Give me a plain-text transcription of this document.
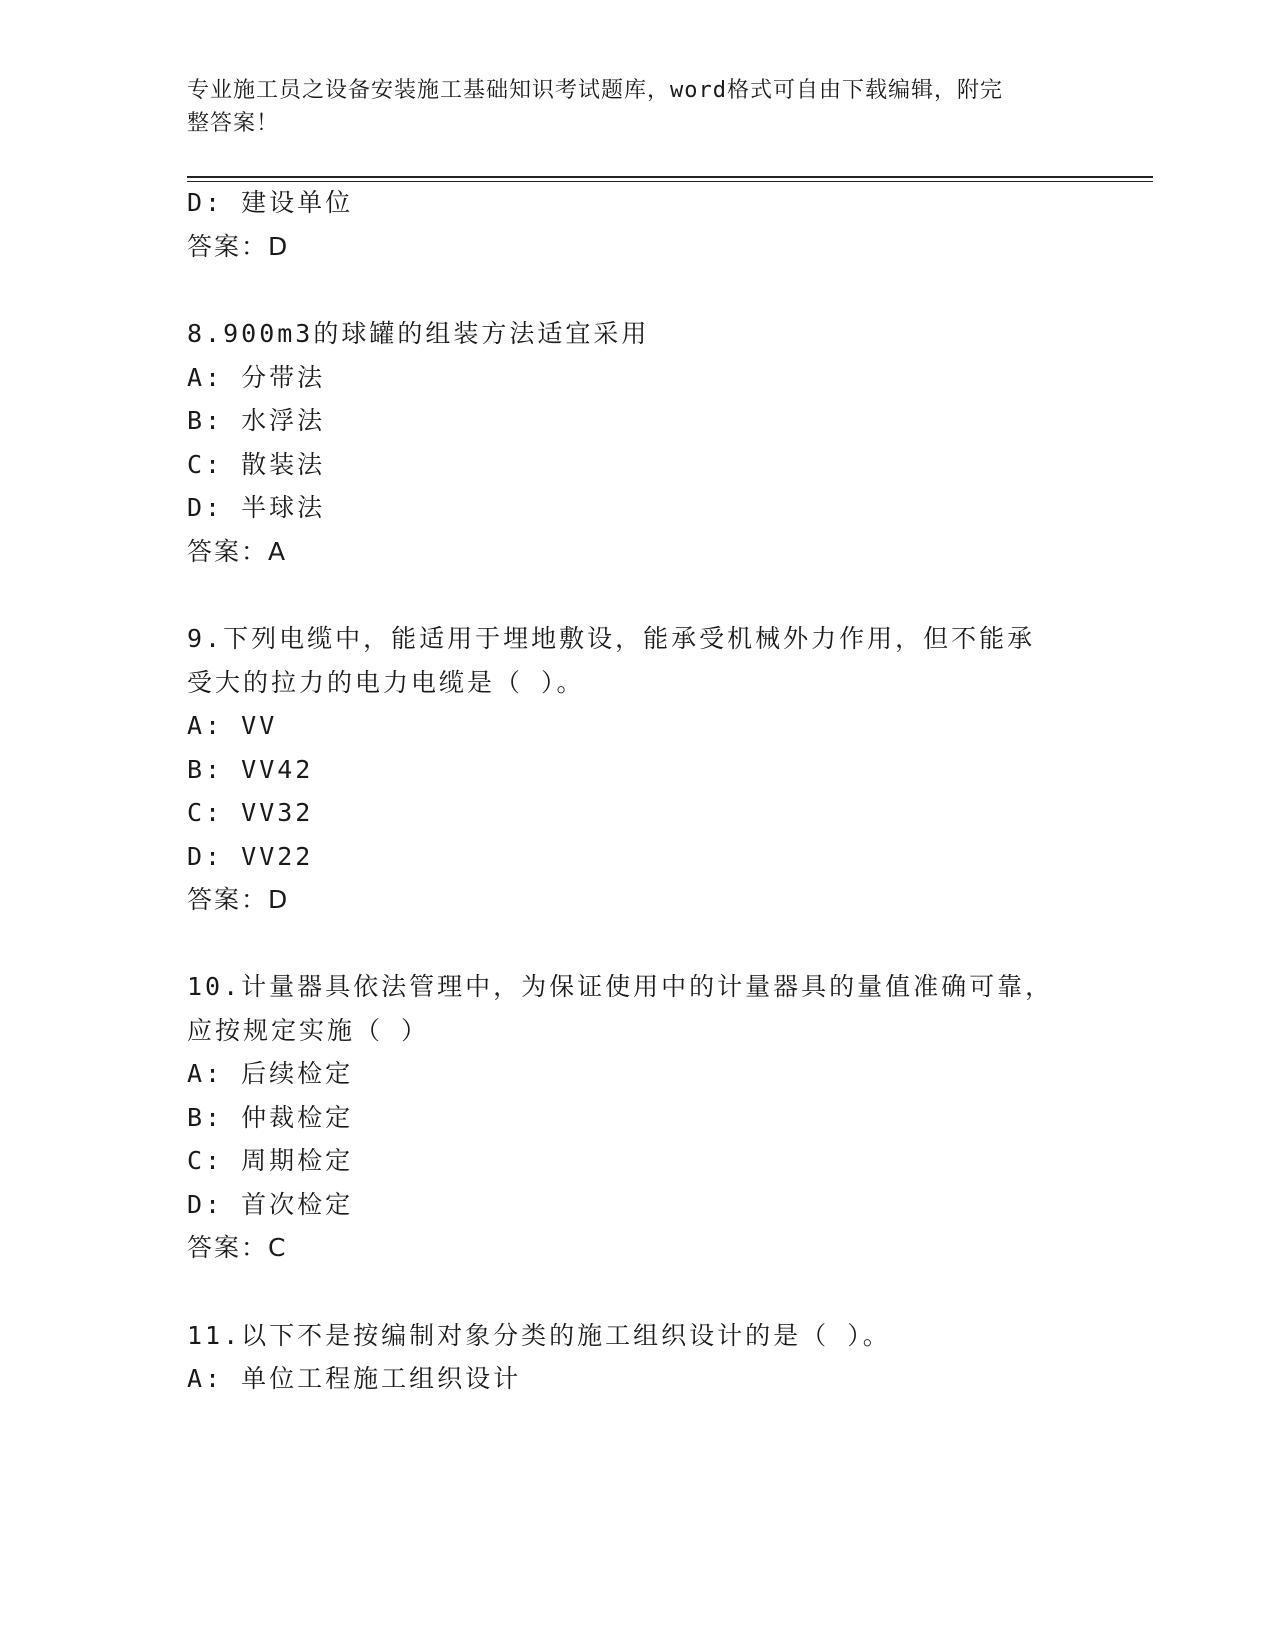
专业施工员之设备安装施工基础知识考试题库，word格式可自由下载编辑，附完
整答案！
D: 建设单位
答案：D
8.900m3的球罐的组装方法适宜采用
A: 分带法
B: 水浮法
C: 散装法
D: 半球法
答案：A
9.下列电缆中，能适用于埋地敷设，能承受机械外力作用，但不能承
受大的拉力的电力电缆是（ ）。
A: VV
B: VV42
C: VV32
D: VV22
答案：D
10.计量器具依法管理中，为保证使用中的计量器具的量值准确可靠，
应按规定实施（ ）
A: 后续检定
B: 仲裁检定
C: 周期检定
D: 首次检定
答案：C
11.以下不是按编制对象分类的施工组织设计的是（ ）。
A: 单位工程施工组织设计
